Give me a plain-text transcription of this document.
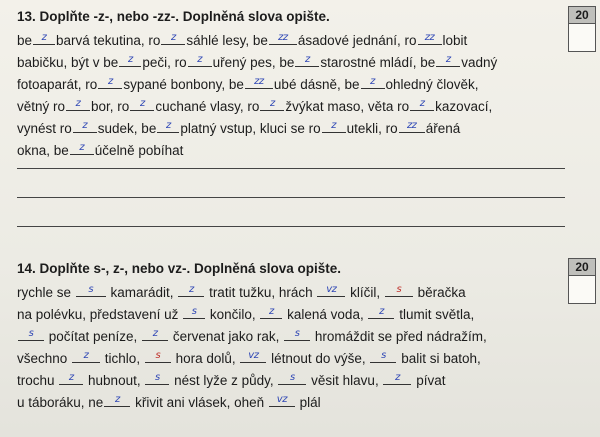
20
13. Doplňte -z-, nebo -zz-. Doplněná slova opište.
be z barvá tekutina, ro	z sáhlé lesy, be	zz ásadové jednání, ro zz lobit
babičku, být v be z peči, ro	z uřený pes, be	z starostné mládí, be	z vadný
fotoaparát, ro	z sypané bonbony, be	zz ubé dásně, be	z ohledný člověk,
větný ro	z bor, ro	z cuchané vlasy, ro	z žvýkat maso, věta ro	z kazovací,
vynést ro	z sudek, be z platný vstup, kluci se ro	z utekli, ro zz ářená
okna, be	z účelně pobíhat
20
14. Doplňte s-, z-, nebo vz-. Doplněná slova opište.
rychle se	s	kamarádit,	z tratit tužku, hrách vz klíčil,	s běračka
na polévku, představení už s končilo, z kalená voda,	z tlumit světla,
s počítat peníze,	z červenat jako rak,	s hromáždit se před nádražím,
všechno	z tichlo,	s hora dolů, vz létnout do výše,	s balit si batoh,
trochu	z hubnout,	s nést lyže z půdy,	s věsit hlavu,	z pívat
u táboráku, ne	z křivit ani vlásek, oheň vz plál
